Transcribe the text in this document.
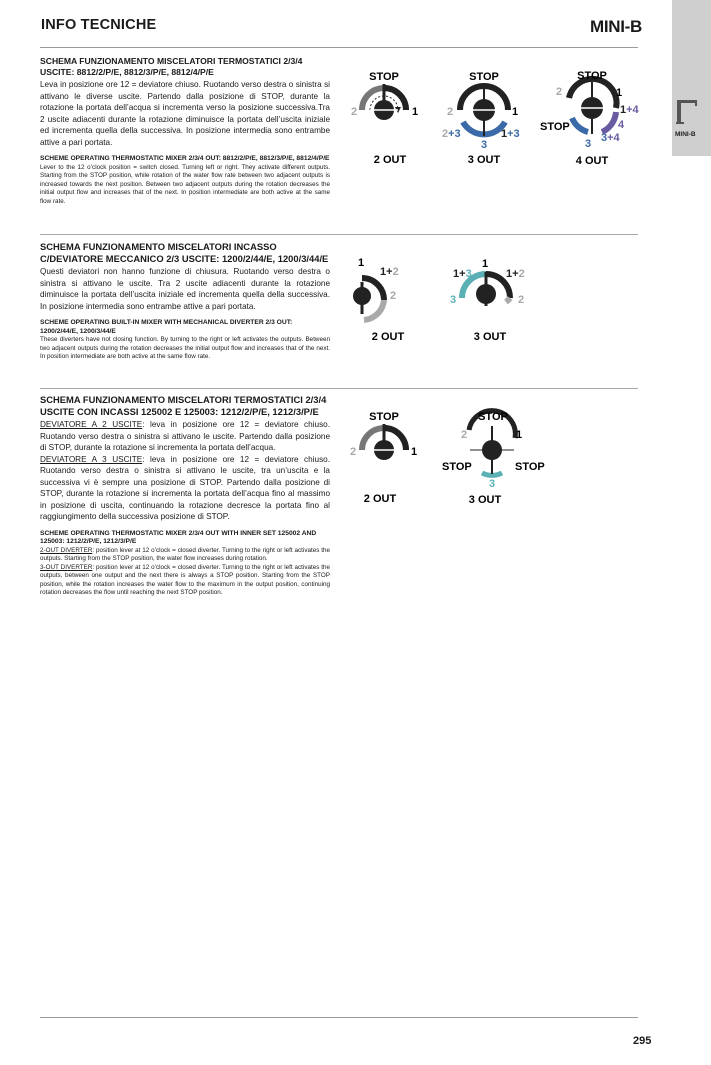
INFO TECNICHE	MINI-B
MINI-B
SCHEMA FUNZIONAMENTO MISCELATORI TERMOSTATICI 2/3/4 USCITE: 8812/2/P/E, 8812/3/P/E, 8812/4/P/E
Leva in posizione ore 12 = deviatore chiuso. Ruotando verso destra o sinistra si attivano le diverse uscite. Partendo dalla posizione di STOP, durante la rotazione la portata dell’acqua si incrementa verso la posizione successiva.Tra 2 uscite adiacenti durante la rotazione diminuisce la portata dell’uscita iniziale ed incrementa quella della successiva. In posizione intermedia sono entrambe attive a pari portata.
SCHEME OPERATING THERMOSTATIC MIXER 2/3/4 OUT: 8812/2/P/E, 8812/3/P/E, 8812/4/P/E
Lever to the 12 o’clock position = switch closed. Turning left or right. They activate different outputs. Starting from the STOP position, while rotation of the water flow rate between two adjacent outputs is increased towards the next position. Between two adjacent outputs during the rotation decreases the initial output flow and increases that of the next. In position intermediate are both active at the same flow rate.
STOP
2	1
2 OUT
STOP
2	1
2+3
3
1+3
3 OUT
STOP
STOP
2	1
1+4
4
3+4
3
4 OUT
SCHEMA FUNZIONAMENTO MISCELATORI INCASSO C/DEVIATORE MECCANICO 2/3 USCITE: 1200/2/44/E, 1200/3/44/E
Questi deviatori non hanno funzione di chiusura. Ruotando verso destra o sinistra si attivano le uscite. Tra 2 uscite adiacenti durante la rotazione diminuisce la portata dell’uscita iniziale ed incrementa quella della successiva. In posizione intermedia sono entrambe attive a pari portata.
SCHEME OPERATING BUILT-IN MIXER WITH MECHANICAL DIVERTER 2/3 OUT: 1200/2/44/E, 1200/3/44/E
These diverters have not closing function. By turning to the right or left activates the outputs. Between two adjacent outputs during the rotation decreases the initial output flow and increases that of the next. In position intermediate are both active at the same flow rate.
1
1+2
2
2 OUT
1+3
1
1+2
3	2
3 OUT
SCHEMA FUNZIONAMENTO MISCELATORI TERMOSTATICI 2/3/4 USCITE CON INCASSI 125002 E 125003: 1212/2/P/E, 1212/3/P/E
DEVIATORE A 2 USCITE: leva in posizione ore 12 = deviatore chiuso. Ruotando verso destra o sinistra si attivano le uscite. Partendo dalla posizione di STOP, durante la rotazione si incrementa la portata dell’acqua.
DEVIATORE A 3 USCITE: leva in posizione ore 12 = deviatore chiuso. Ruotando verso destra o sinistra si attivano le uscite, tra un’uscita e la successiva vi è sempre una posizione di STOP. Partendo dalla posizione di STOP, durante la rotazione si incrementa la portata dell’acqua fino al massimo in posizione di uscita, continuando la rotazione decresce la portata fino al raggiungimento della successiva posizione di STOP.
SCHEME OPERATING THERMOSTATIC MIXER 2/3/4 OUT WITH INNER SET 125002 AND 125003: 1212/2/P/E, 1212/3/P/E
2-OUT DIVERTER: position lever at 12 o’clock = closed diverter. Turning to the right or left activates the outputs. Starting from the STOP position, the water flow increases during rotation.
3-OUT DIVERTER: position lever at 12 o’clock = closed diverter. Turning to the right or left activates the outputs, between one output and the next there is always a STOP position. Starting from the STOP position, while the rotation increases the water flow to the maximum in the output position, continuing rotation decreases the flow until reaching the next STOP position.
STOP
2	1
2 OUT
STOP
2	1
STOP	STOP
3
3 OUT
295
